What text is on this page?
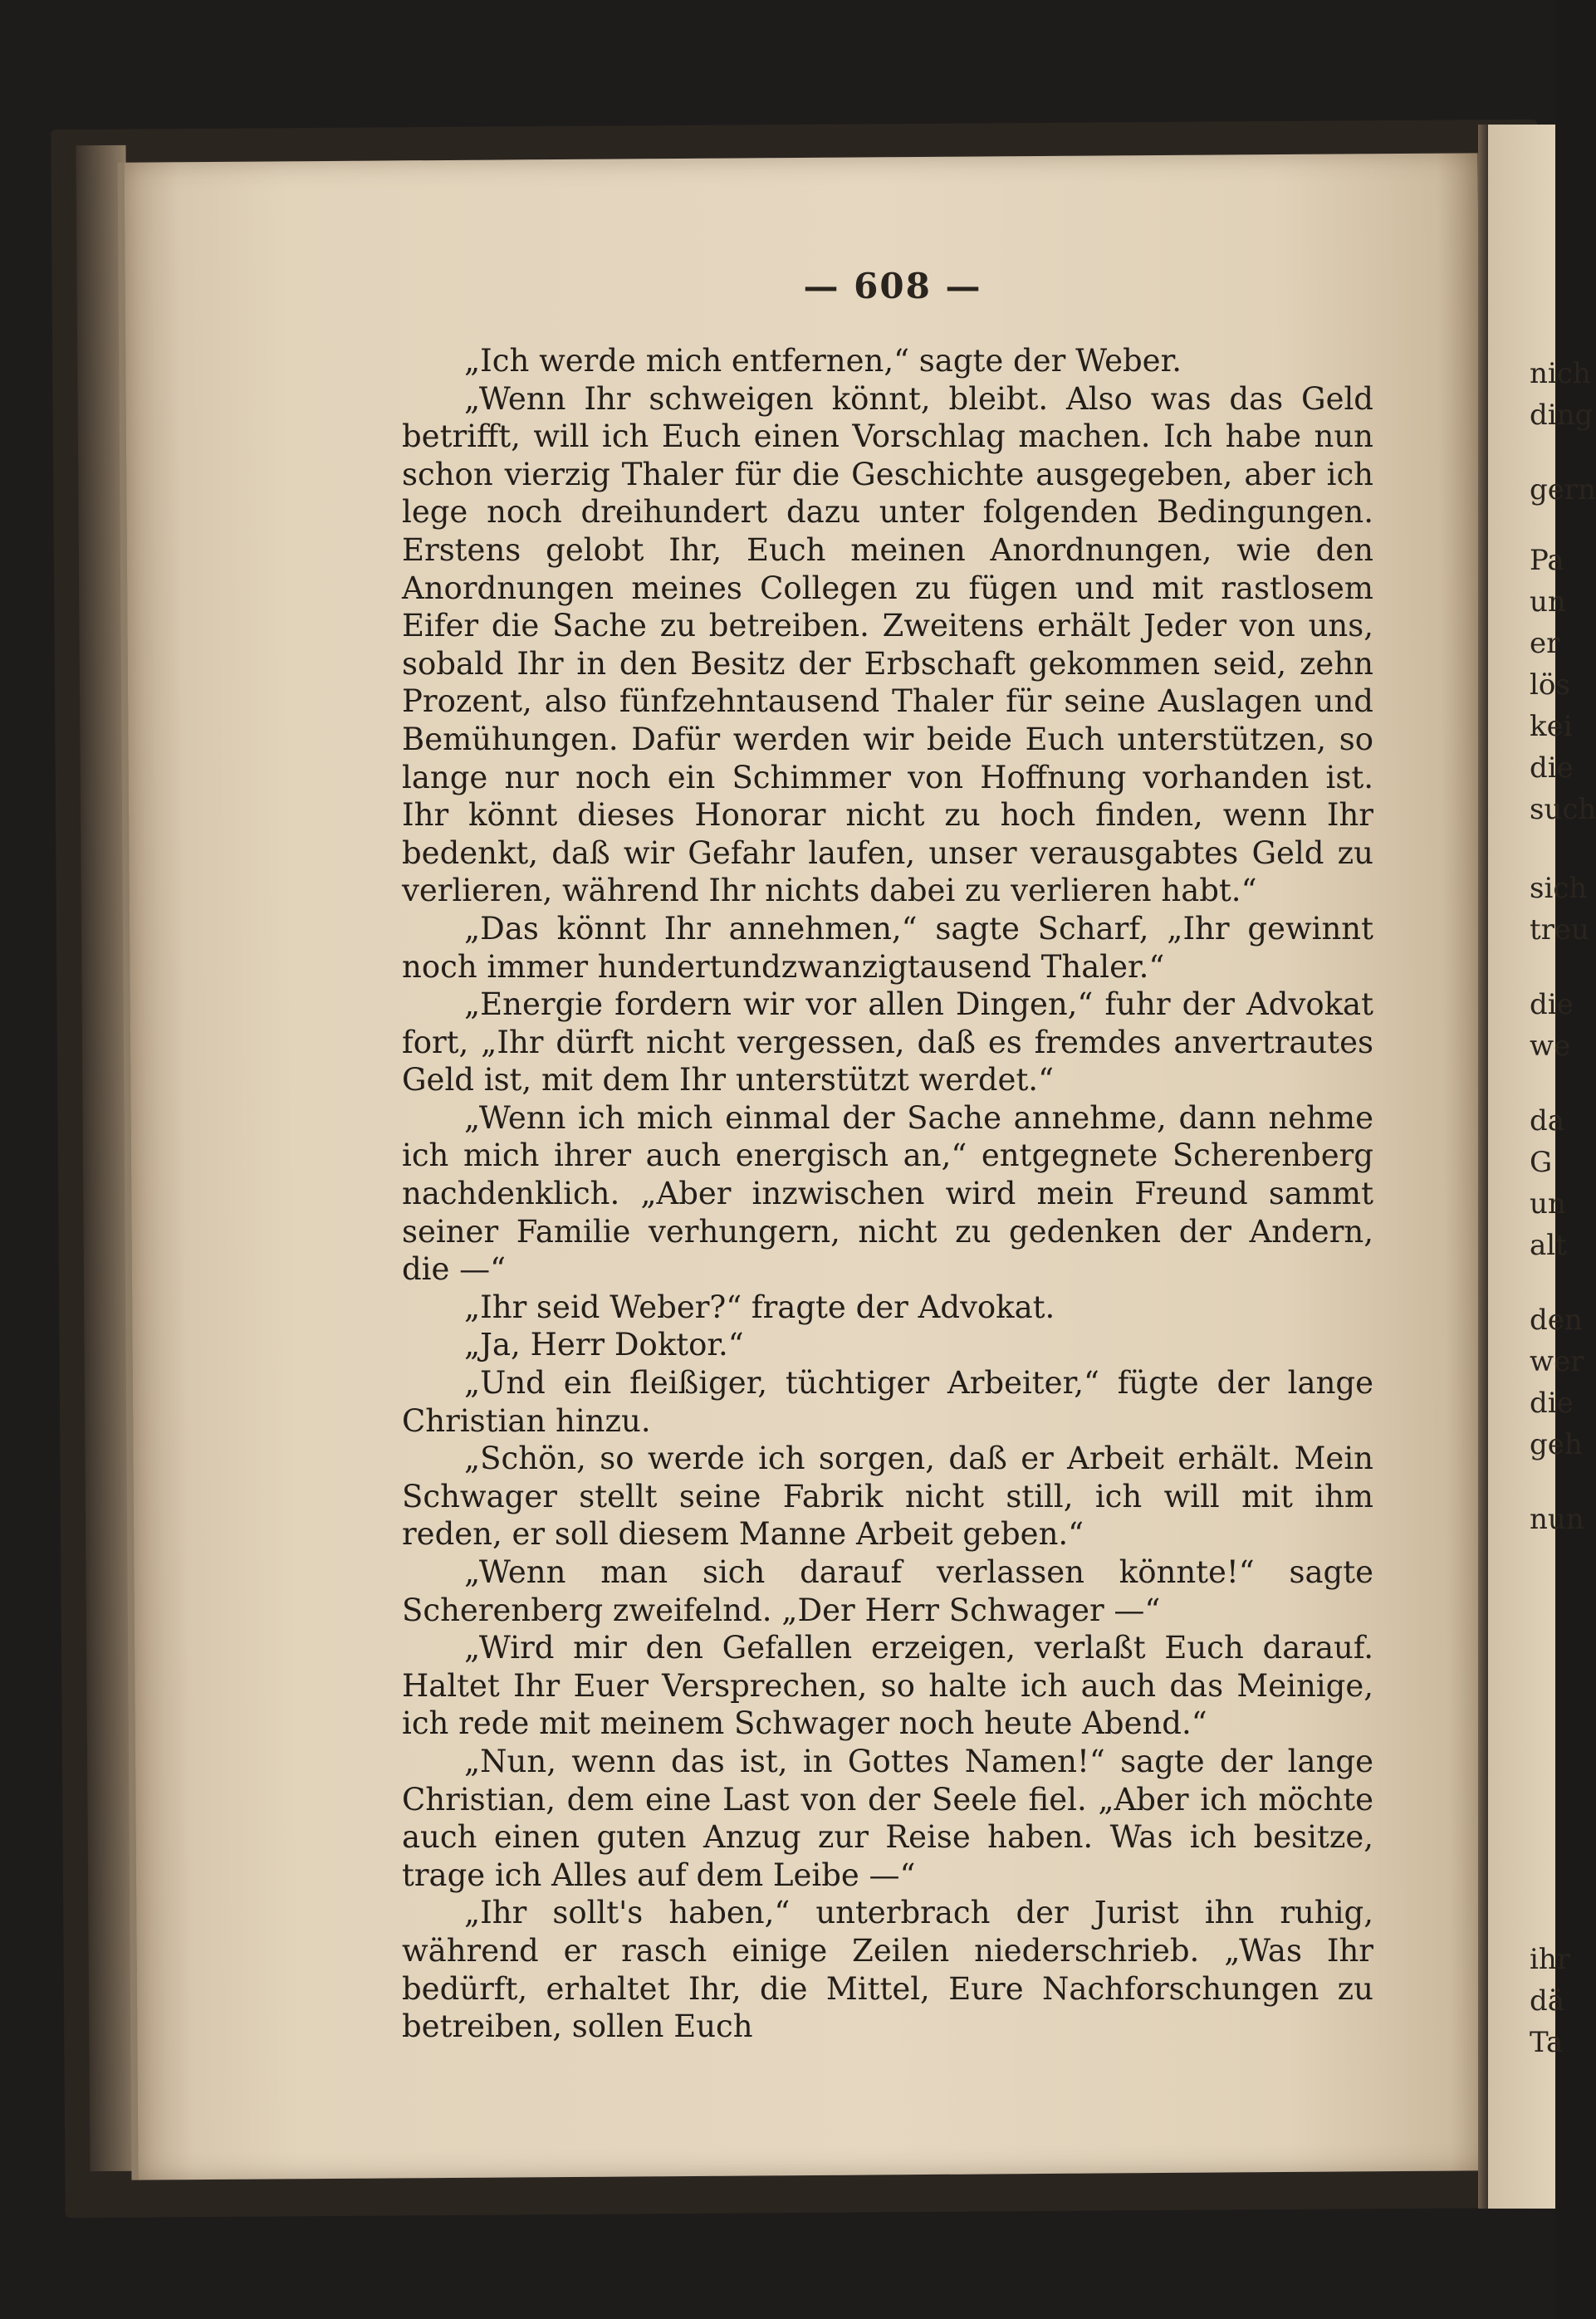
nich
ding
gern
Pa
un
er
lös
kei
die
such
sich
treu
die
we
da
G
un
alt
den
wer
die
geh
nun
ihr
dä
Ta
— 608 —

„Ich werde mich entfernen,“ sagte der Weber.

„Wenn Ihr schweigen könnt, bleibt. Also was das Geld betrifft, will ich Euch einen Vorschlag machen. Ich habe nun schon vierzig Thaler für die Geschichte ausgegeben, aber ich lege noch dreihundert dazu unter folgenden Bedingungen. Erstens gelobt Ihr, Euch meinen Anordnungen, wie den Anordnungen meines Collegen zu fügen und mit rastlosem Eifer die Sache zu betreiben. Zweitens erhält Jeder von uns, sobald Ihr in den Besitz der Erbschaft gekommen seid, zehn Prozent, also fünfzehntausend Thaler für seine Auslagen und Bemühungen. Dafür werden wir beide Euch unterstützen, so lange nur noch ein Schimmer von Hoffnung vorhanden ist. Ihr könnt dieses Honorar nicht zu hoch finden, wenn Ihr bedenkt, daß wir Gefahr laufen, unser verausgabtes Geld zu verlieren, während Ihr nichts dabei zu verlieren habt.“

„Das könnt Ihr annehmen,“ sagte Scharf, „Ihr gewinnt noch immer hundertundzwanzigtausend Thaler.“

„Energie fordern wir vor allen Dingen,“ fuhr der Advokat fort, „Ihr dürft nicht vergessen, daß es fremdes anvertrautes Geld ist, mit dem Ihr unterstützt werdet.“

„Wenn ich mich einmal der Sache annehme, dann nehme ich mich ihrer auch energisch an,“ entgegnete Scherenberg nachdenklich. „Aber inzwischen wird mein Freund sammt seiner Familie verhungern, nicht zu gedenken der Andern, die —“

„Ihr seid Weber?“ fragte der Advokat.

„Ja, Herr Doktor.“

„Und ein fleißiger, tüchtiger Arbeiter,“ fügte der lange Christian hinzu.

„Schön, so werde ich sorgen, daß er Arbeit erhält. Mein Schwager stellt seine Fabrik nicht still, ich will mit ihm reden, er soll diesem Manne Arbeit geben.“

„Wenn man sich darauf verlassen könnte!“ sagte Scherenberg zweifelnd. „Der Herr Schwager —“

„Wird mir den Gefallen erzeigen, verlaßt Euch darauf. Haltet Ihr Euer Versprechen, so halte ich auch das Meinige, ich rede mit meinem Schwager noch heute Abend.“

„Nun, wenn das ist, in Gottes Namen!“ sagte der lange Christian, dem eine Last von der Seele fiel. „Aber ich möchte auch einen guten Anzug zur Reise haben. Was ich besitze, trage ich Alles auf dem Leibe —“

„Ihr sollt's haben,“ unterbrach der Jurist ihn ruhig, während er rasch einige Zeilen niederschrieb. „Was Ihr bedürft, erhaltet Ihr, die Mittel, Eure Nachforschungen zu betreiben, sollen Euch
